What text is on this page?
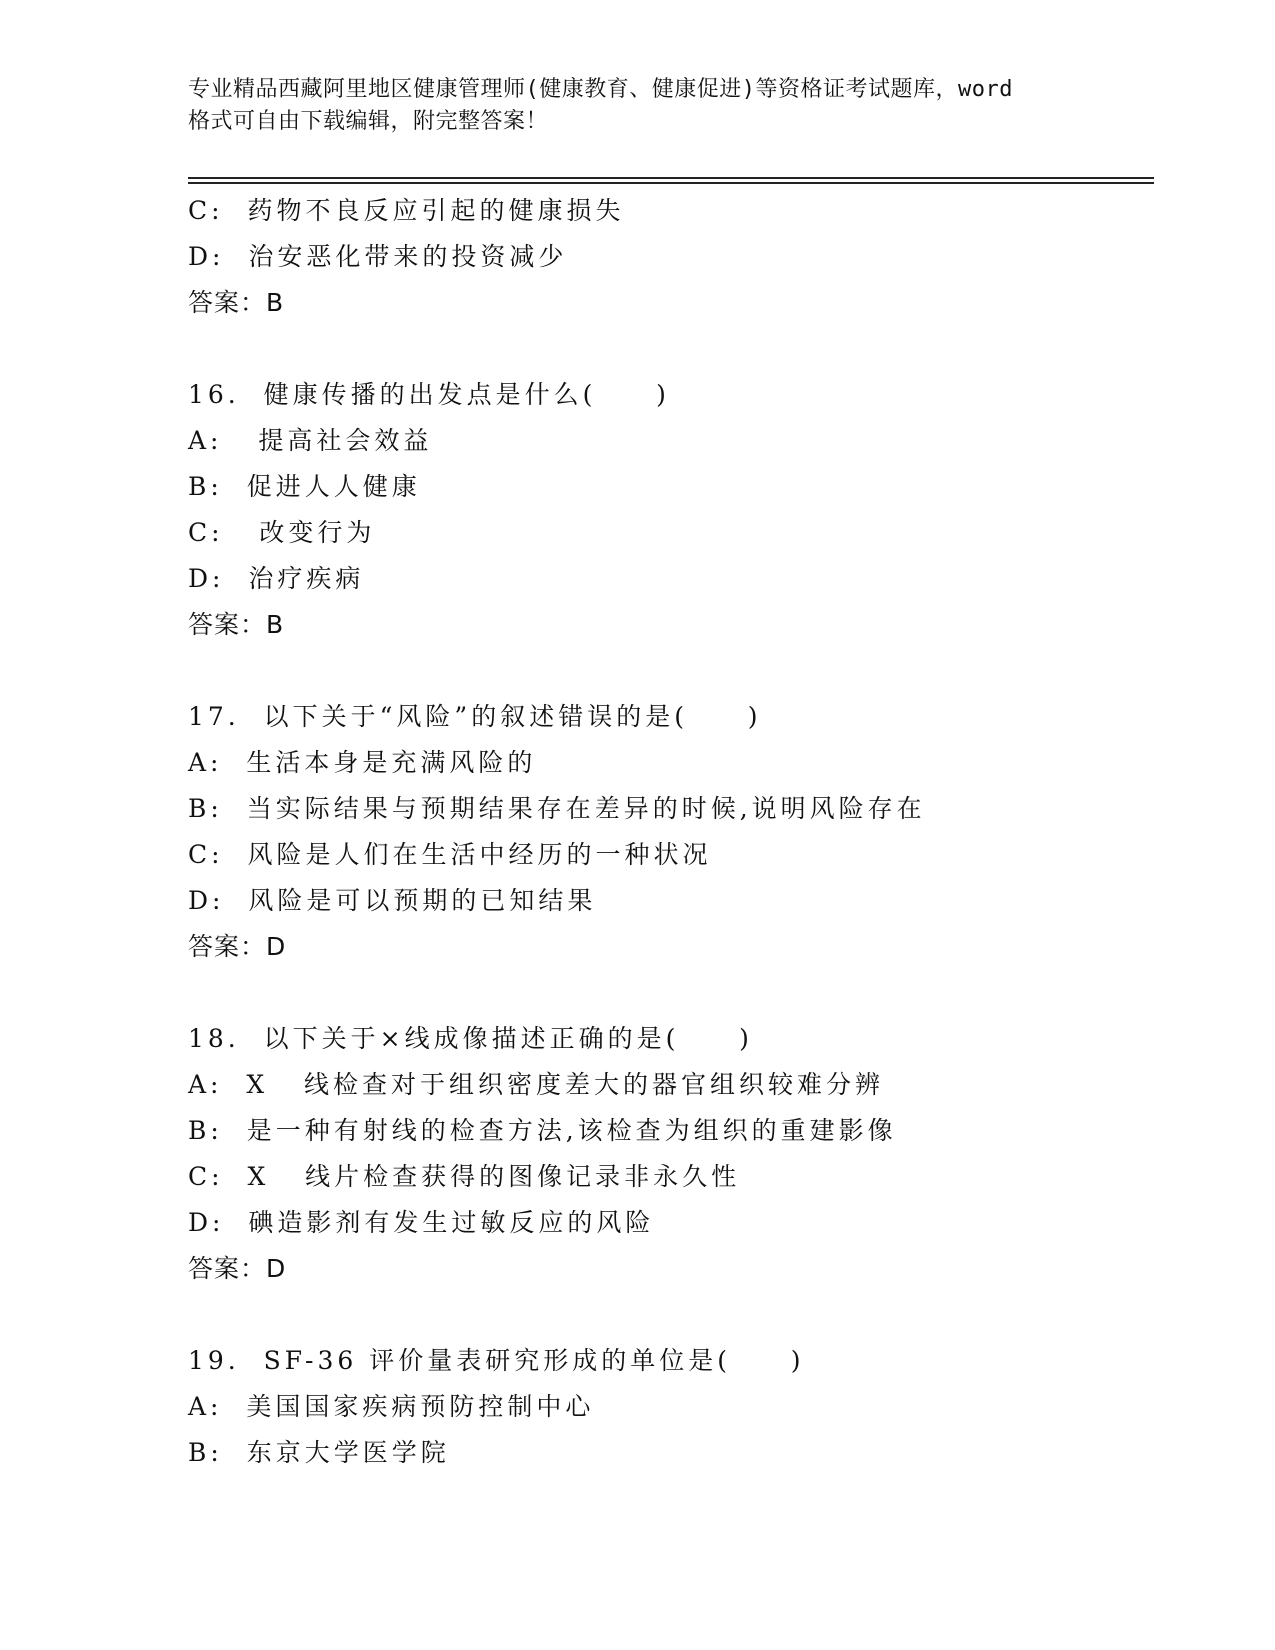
专业精品西藏阿里地区健康管理师(健康教育、健康促进)等资格证考试题库，word
格式可自由下载编辑，附完整答案！
C:  药物不良反应引起的健康损失
D:  治安恶化带来的投资减少
答案：B
16.  健康传播的出发点是什么(     )
A:   提高社会效益
B:  促进人人健康
C:   改变行为
D:  治疗疾病
答案：B
17.  以下关于“风险”的叙述错误的是(     )
A:  生活本身是充满风险的
B:  当实际结果与预期结果存在差异的时候,说明风险存在
C:  风险是人们在生活中经历的一种状况
D:  风险是可以预期的已知结果
答案：D
18.  以下关于×线成像描述正确的是(     )
A:  X   线检查对于组织密度差大的器官组织较难分辨
B:  是一种有射线的检查方法,该检查为组织的重建影像
C:  X   线片检查获得的图像记录非永久性
D:  碘造影剂有发生过敏反应的风险
答案：D
19.  SF-36 评价量表研究形成的单位是(     )
A:  美国国家疾病预防控制中心
B:  东京大学医学院
